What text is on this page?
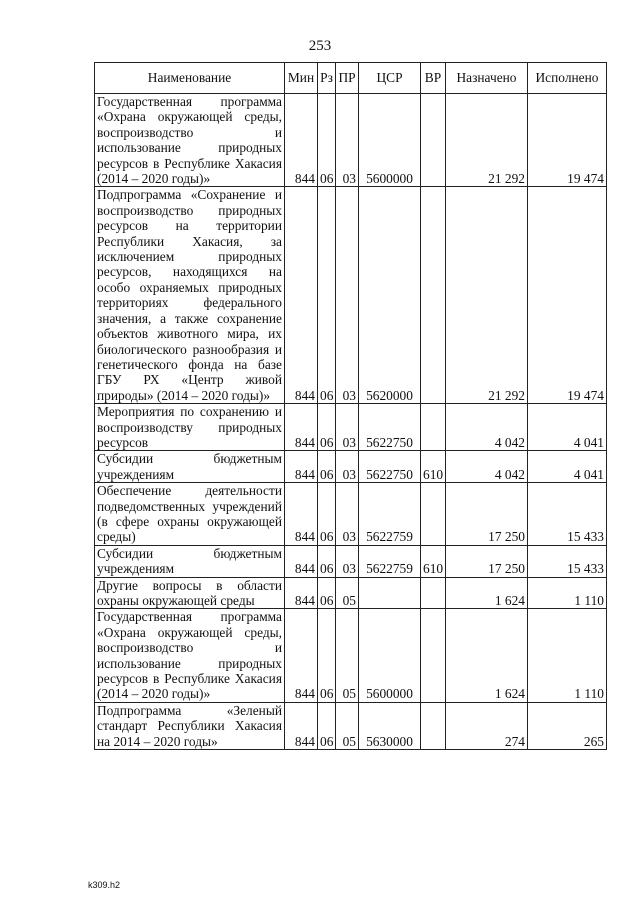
253
Наименование	Мин	Рз	ПР	ЦСР	ВР	Назначено	Исполнено
Государственная программа «Охрана окружающей среды, воспроизводство и использование природных ресурсов в Республике Хакасия (2014 – 2020 годы)»	844	06	03	5600000		21 292	19 474
Подпрограмма «Сохранение и воспроизводство природных ресурсов на территории Республики Хакасия, за исключением природных ресурсов, находящихся на особо охраняемых природных территориях федерального значения, а также сохранение объектов животного мира, их биологического разнообразия и генетического фонда на базе ГБУ РХ «Центр живой природы» (2014 – 2020 годы)»	844	06	03	5620000		21 292	19 474
Мероприятия по сохранению и воспроизводству природных ресурсов	844	06	03	5622750		4 042	4 041
Субсидии бюджетным учреждениям	844	06	03	5622750	610	4 042	4 041
Обеспечение деятельности подведомственных учреждений (в сфере охраны окружающей среды)	844	06	03	5622759		17 250	15 433
Субсидии бюджетным учреждениям	844	06	03	5622759	610	17 250	15 433
Другие вопросы в области охраны окружающей среды	844	06	05			1 624	1 110
Государственная программа «Охрана окружающей среды, воспроизводство и использование природных ресурсов в Республике Хакасия (2014 – 2020 годы)»	844	06	05	5600000		1 624	1 110
Подпрограмма «Зеленый стандарт Республики Хакасия на 2014 – 2020 годы»	844	06	05	5630000		274	265
k309.h2
